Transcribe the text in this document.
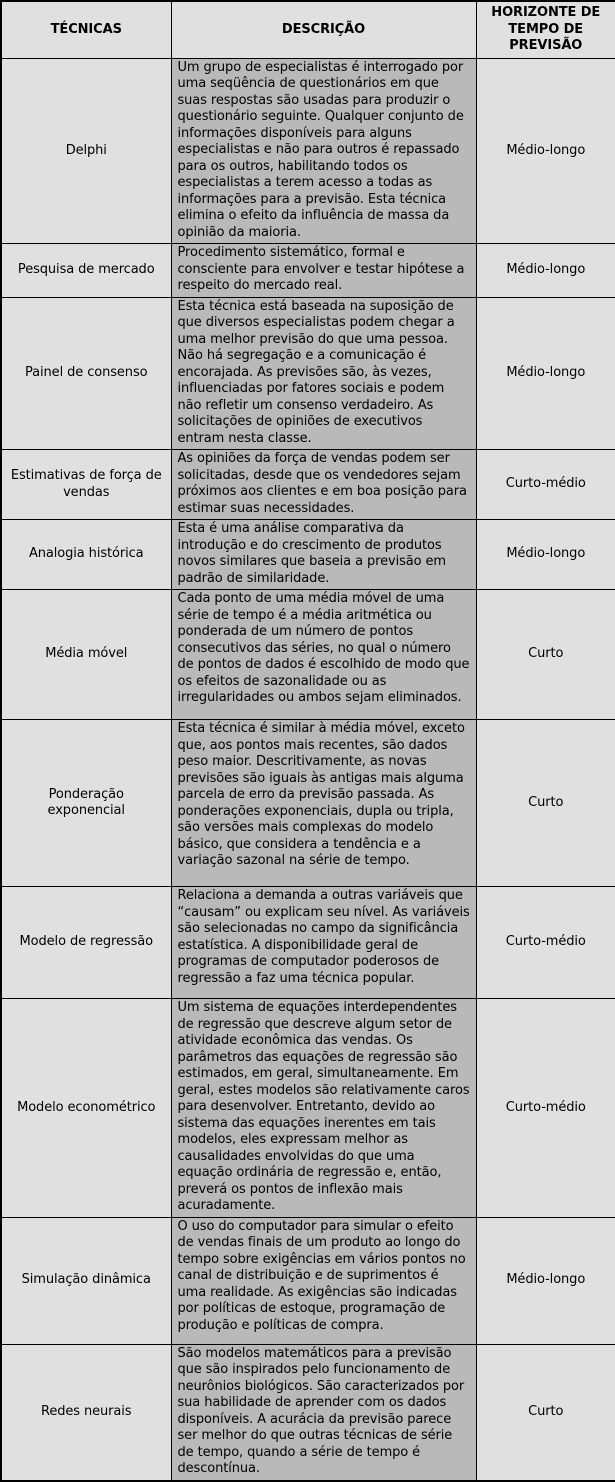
TÉCNICAS	DESCRIÇÃO	HORIZONTE DE TEMPO DE PREVISÃO
Delphi	Um grupo de especialistas é interrogado por uma seqüência de questionários em que suas respostas são usadas para produzir o questionário seguinte. Qualquer conjunto de informações disponíveis para alguns especialistas e não para outros é repassado para os outros, habilitando todos os especialistas a terem acesso a todas as informações para a previsão. Esta técnica elimina o efeito da influência de massa da opinião da maioria.	Médio-longo
Pesquisa de mercado	Procedimento sistemático, formal e consciente para envolver e testar hipótese a respeito do mercado real.	Médio-longo
Painel de consenso	Esta técnica está baseada na suposição de que diversos especialistas podem chegar a uma melhor previsão do que uma pessoa. Não há segregação e a comunicação é encorajada. As previsões são, às vezes, influenciadas por fatores sociais e podem não refletir um consenso verdadeiro. As solicitações de opiniões de executivos entram nesta classe.	Médio-longo
Estimativas de força de vendas	As opiniões da força de vendas podem ser solicitadas, desde que os vendedores sejam próximos aos clientes e em boa posição para estimar suas necessidades.	Curto-médio
Analogia histórica	Esta é uma análise comparativa da introdução e do crescimento de produtos novos similares que baseia a previsão em padrão de similaridade.	Médio-longo
Média móvel	Cada ponto de uma média móvel de uma série de tempo é a média aritmética ou ponderada de um número de pontos consecutivos das séries, no qual o número de pontos de dados é escolhido de modo que os efeitos de sazonalidade ou as irregularidades ou ambos sejam eliminados.	Curto
Ponderação exponencial	Esta técnica é similar à média móvel, exceto que, aos pontos mais recentes, são dados peso maior. Descritivamente, as novas previsões são iguais às antigas mais alguma parcela de erro da previsão passada. As ponderações exponenciais, dupla ou tripla, são versões mais complexas do modelo básico, que considera a tendência e a variação sazonal na série de tempo.	Curto
Modelo de regressão	Relaciona a demanda a outras variáveis que “causam” ou explicam seu nível. As variáveis são selecionadas no campo da significância estatística. A disponibilidade geral de programas de computador poderosos de regressão a faz uma técnica popular.	Curto-médio
Modelo econométrico	Um sistema de equações interdependentes de regressão que descreve algum setor de atividade econômica das vendas. Os parâmetros das equações de regressão são estimados, em geral, simultaneamente. Em geral, estes modelos são relativamente caros para desenvolver. Entretanto, devido ao sistema das equações inerentes em tais modelos, eles expressam melhor as causalidades envolvidas do que uma equação ordinária de regressão e, então, preverá os pontos de inflexão mais acuradamente.	Curto-médio
Simulação dinâmica	O uso do computador para simular o efeito de vendas finais de um produto ao longo do tempo sobre exigências em vários pontos no canal de distribuição e de suprimentos é uma realidade. As exigências são indicadas por políticas de estoque, programação de produção e políticas de compra.	Médio-longo
Redes neurais	São modelos matemáticos para a previsão que são inspirados pelo funcionamento de neurônios biológicos. São caracterizados por sua habilidade de aprender com os dados disponíveis. A acurácia da previsão parece ser melhor do que outras técnicas de série de tempo, quando a série de tempo é descontínua.	Curto
